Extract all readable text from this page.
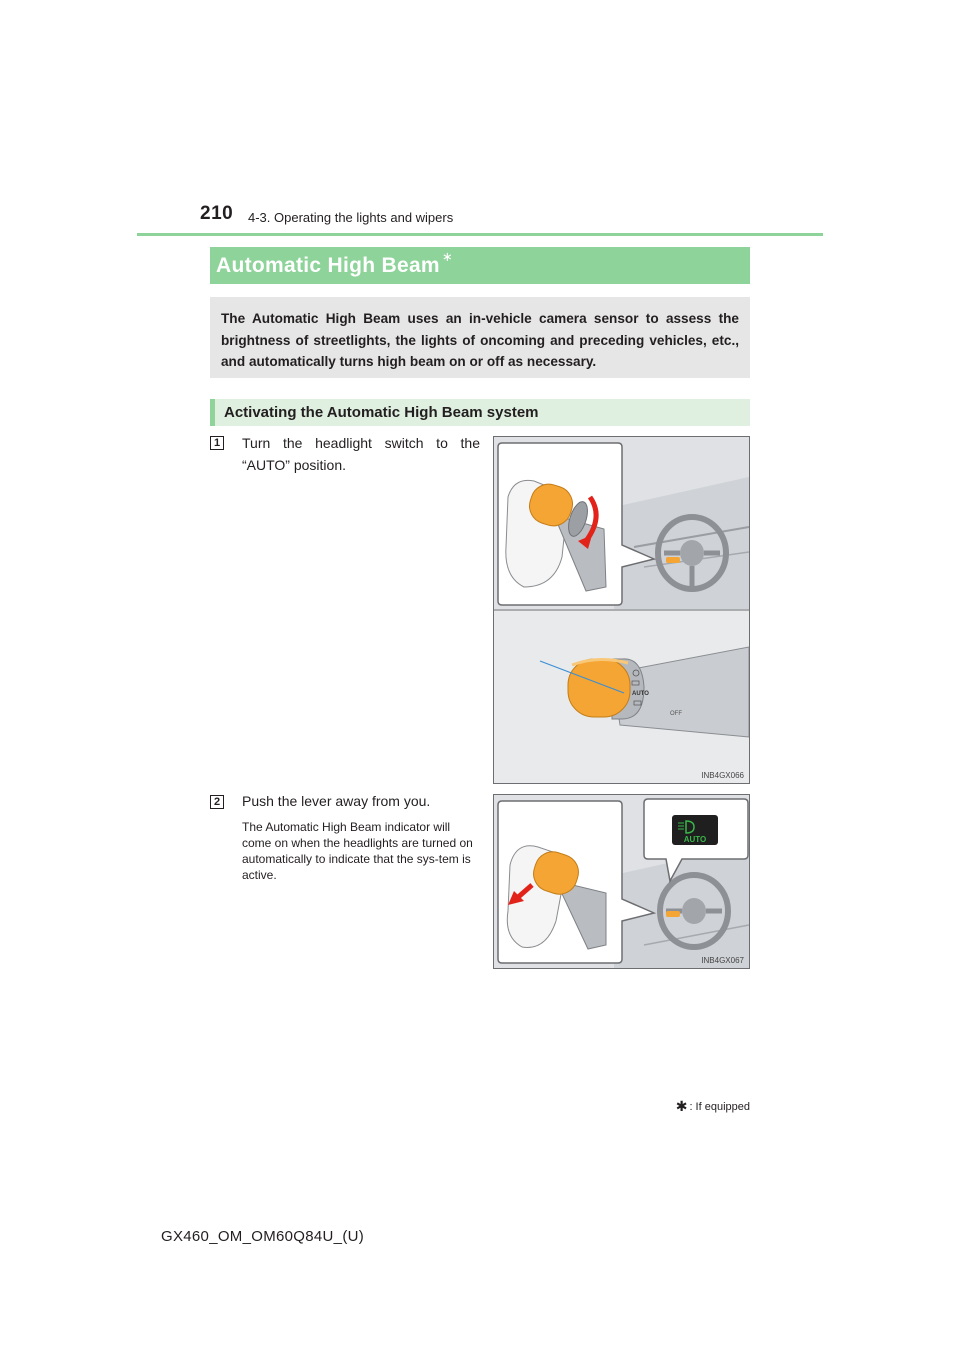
210 4-3. Operating the lights and wipers
Automatic High Beam ∗
The Automatic High Beam uses an in-vehicle camera sensor to assess the brightness of streetlights, the lights of oncoming and preceding vehicles, etc., and automatically turns high beam on or off as necessary.
Activating the Automatic High Beam system
1 Turn the headlight switch to the “AUTO” position.
AUTO
OFF
INB4GX066
2 Push the lever away from you.
The Automatic High Beam indicator will come on when the headlights are turned on automatically to indicate that the sys-tem is active.
AUTO
INB4GX067
✱ : If equipped
GX460_OM_OM60Q84U_(U)
